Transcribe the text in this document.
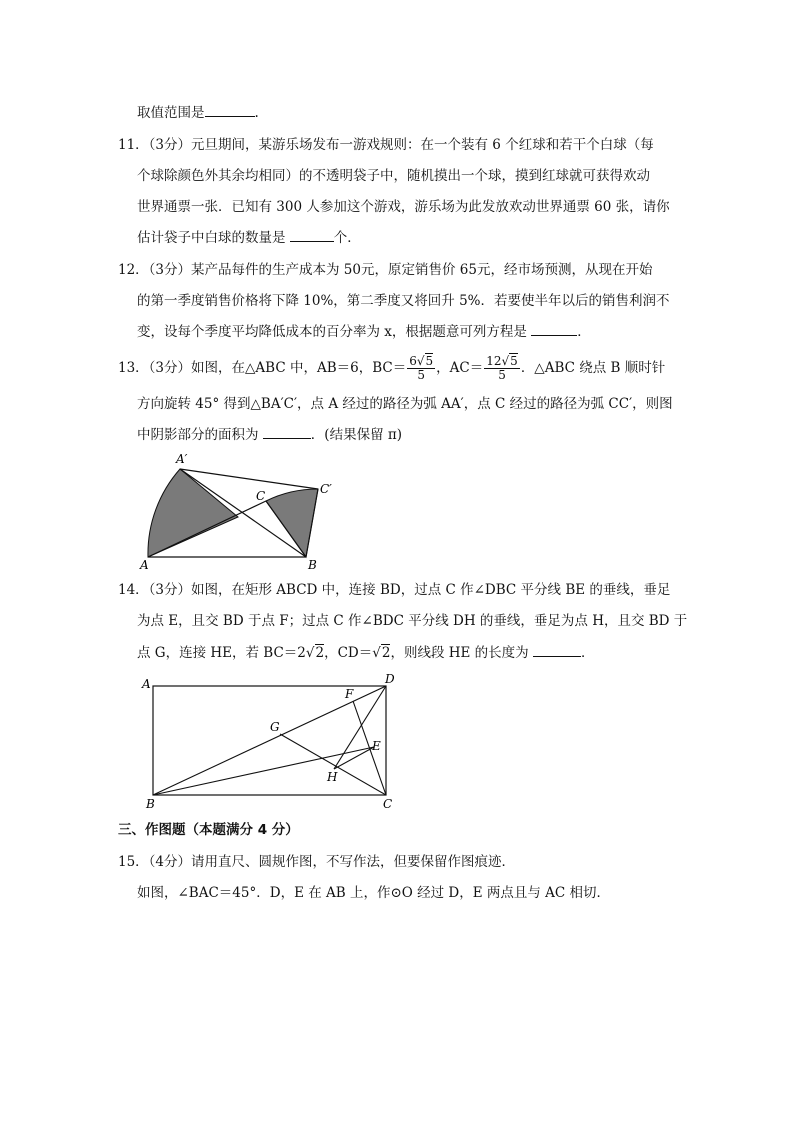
取值范围是	.
11．（3分）元旦期间，某游乐场发布一游戏规则：在一个装有 6 个红球和若干个白球（每
个球除颜色外其余均相同）的不透明袋子中，随机摸出一个球，摸到红球就可获得欢动
世界通票一张．已知有 300 人参加这个游戏，游乐场为此发放欢动世界通票 60 张，请你
估计袋子中白球的数量是	个．
12．（3分）某产品每件的生产成本为 50元，原定销售价 65元，经市场预测，从现在开始
的第一季度销售价格将下降 10%，第二季度又将回升 5%．若要使半年以后的销售利润不
变，设每个季度平均降低成本的百分率为 x，根据题意可列方程是	．
13．（3分）如图，在△ABC 中，AB＝6，$BC= \frac{6√5}{5}$ ，$AC= \frac{12√5}{5}$ ．△ABC 绕点 B 顺时针
方向旋转 45° 得到△BA′C′，点 A 经过的路径为弧 AA′，点 C 经过的路径为弧 CC′，则图
中阴影部分的面积为	．(结果保留 π)
A′
C	C′
A	B
14．（3分）如图，在矩形 ABCD 中，连接 BD，过点 C 作∠DBC 平分线 BE 的垂线，垂足
为点 E，且交 BD 于点 F；过点 C 作∠BDC 平分线 DH 的垂线，垂足为点 H，且交 BD 于
点 G，连接 HE，若 BC＝2√2，CD＝√2，则线段 HE 的长度为	．
A	D
F
G
E
H
B	C
三、作图题（本题满分 4 分）
15．（4分）请用直尺、圆规作图，不写作法，但要保留作图痕迹．
如图，∠BAC＝45°．D，E 在 AB 上，作⊙O 经过 D，E 两点且与 AC 相切．
